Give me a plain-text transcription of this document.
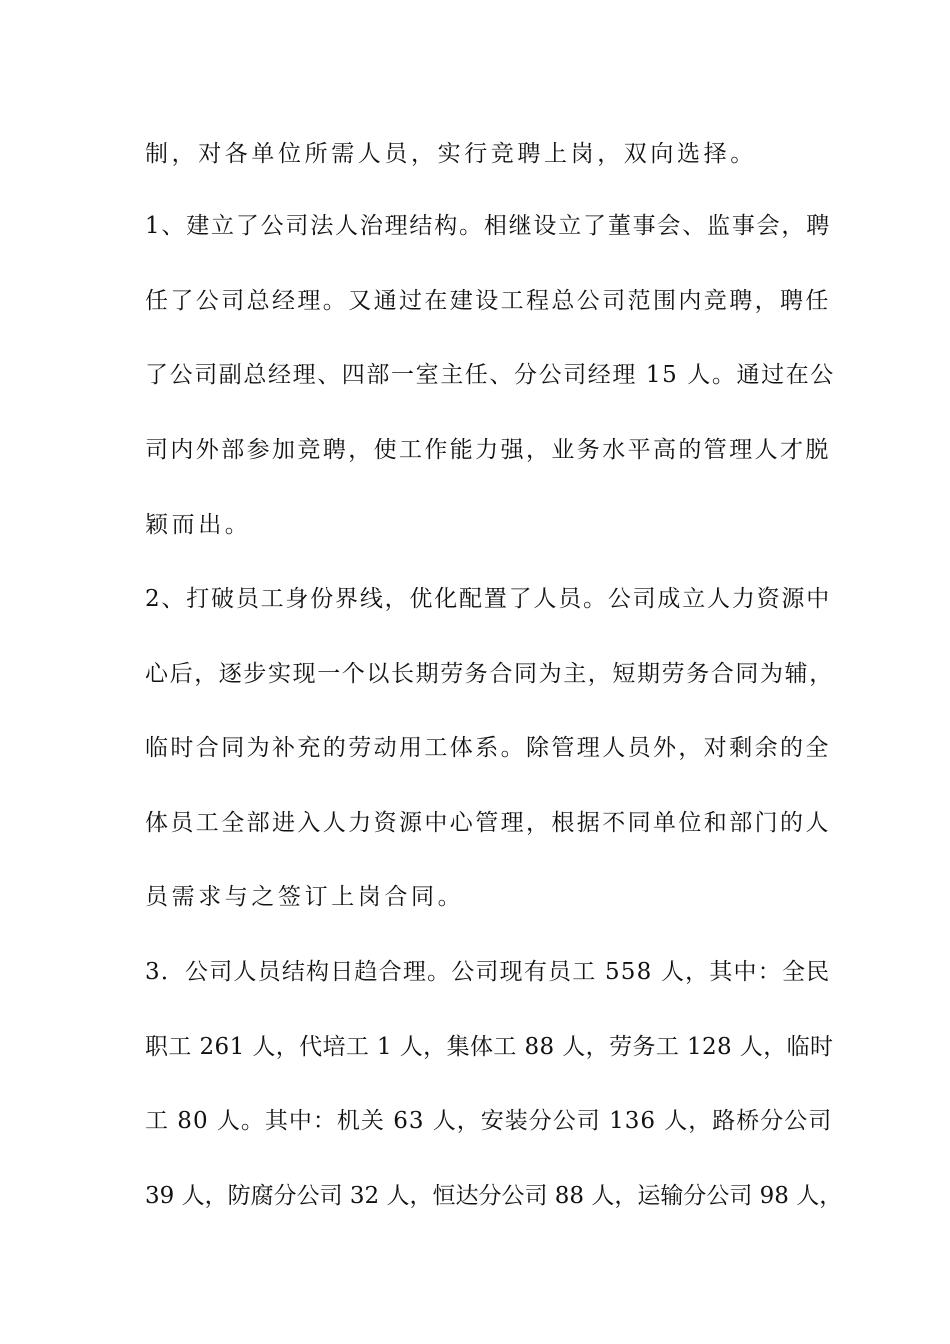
制，对各单位所需人员，实行竞聘上岗，双向选择。
1、建立了公司法人治理结构。相继设立了董事会、监事会，聘
任了公司总经理。又通过在建设工程总公司范围内竞聘，聘任
了公司副总经理、四部一室主任、分公司经理 15 人。通过在公
司内外部参加竞聘，使工作能力强，业务水平高的管理人才脱
颖而出。
2、打破员工身份界线，优化配置了人员。公司成立人力资源中
心后，逐步实现一个以长期劳务合同为主，短期劳务合同为辅，
临时合同为补充的劳动用工体系。除管理人员外，对剩余的全
体员工全部进入人力资源中心管理，根据不同单位和部门的人
员需求与之签订上岗合同。
3．公司人员结构日趋合理。公司现有员工 558 人，其中：全民
职工 261 人，代培工 1 人，集体工 88 人，劳务工 128 人，临时
工 80 人。其中：机关 63 人，安装分公司 136 人，路桥分公司
39 人，防腐分公司 32 人，恒达分公司 88 人，运输分公司 98 人，
